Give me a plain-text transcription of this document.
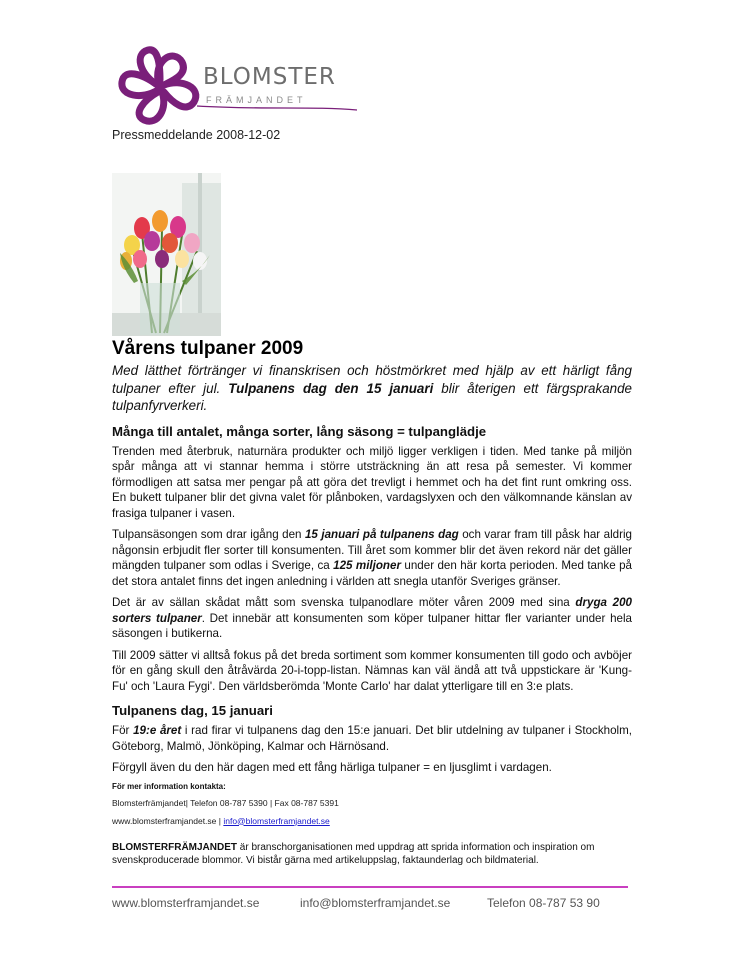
BLOMSTER
FRÄMJANDET
Pressmeddelande 2008-12-02
Vårens tulpaner 2009

Med lätthet förtränger vi finanskrisen och höstmörkret med hjälp av ett härligt fång tulpaner efter jul. Tulpanens dag den 15 januari blir återigen ett färgsprakande tulpanfyrverkeri.

Många till antalet, många sorter, lång säsong = tulpanglädje

Trenden med återbruk, naturnära produkter och miljö ligger verkligen i tiden. Med tanke på miljön spår många att vi stannar hemma i större utsträckning än att resa på semester. Vi kommer förmodligen att satsa mer pengar på att göra det trevligt i hemmet och ha det fint runt omkring oss. En bukett tulpaner blir det givna valet för plånboken, vardagslyxen och den välkomnande känslan av frasiga tulpaner i vasen.

Tulpansäsongen som drar igång den 15 januari på tulpanens dag och varar fram till påsk har aldrig någonsin erbjudit fler sorter till konsumenten. Till året som kommer blir det även rekord när det gäller mängden tulpaner som odlas i Sverige, ca 125 miljoner under den här korta perioden. Med tanke på det stora antalet finns det ingen anledning i världen att snegla utanför Sveriges gränser.

Det är av sällan skådat mått som svenska tulpanodlare möter våren 2009 med sina dryga 200 sorters tulpaner. Det innebär att konsumenten som köper tulpaner hittar fler varianter under hela säsongen i butikerna.

Till 2009 sätter vi alltså fokus på det breda sortiment som kommer konsumenten till godo och avböjer för en gång skull den åtråvärda 20-i-topp-listan. Nämnas kan väl ändå att två uppstickare är 'Kung-Fu' och 'Laura Fygi'. Den världsberömda 'Monte Carlo' har dalat ytterligare till en 3:e plats.

Tulpanens dag, 15 januari

För 19:e året i rad firar vi tulpanens dag den 15:e januari. Det blir utdelning av tulpaner i Stockholm, Göteborg, Malmö, Jönköping, Kalmar och Härnösand.

Förgyll även du den här dagen med ett fång härliga tulpaner = en ljusglimt i vardagen.

För mer information kontakta:
Blomsterfrämjandet| Telefon 08-787 5390 | Fax 08-787 5391
www.blomsterframjandet.se | info@blomsterframjandet.se

BLOMSTERFRÄMJANDET är branschorganisationen med uppdrag att sprida information och inspiration om svenskproducerade blommor. Vi bistår gärna med artikeluppslag, faktaunderlag och bildmaterial.

www.blomsterframjandet.se	info@blomsterframjandet.se	Telefon 08-787 53 90
